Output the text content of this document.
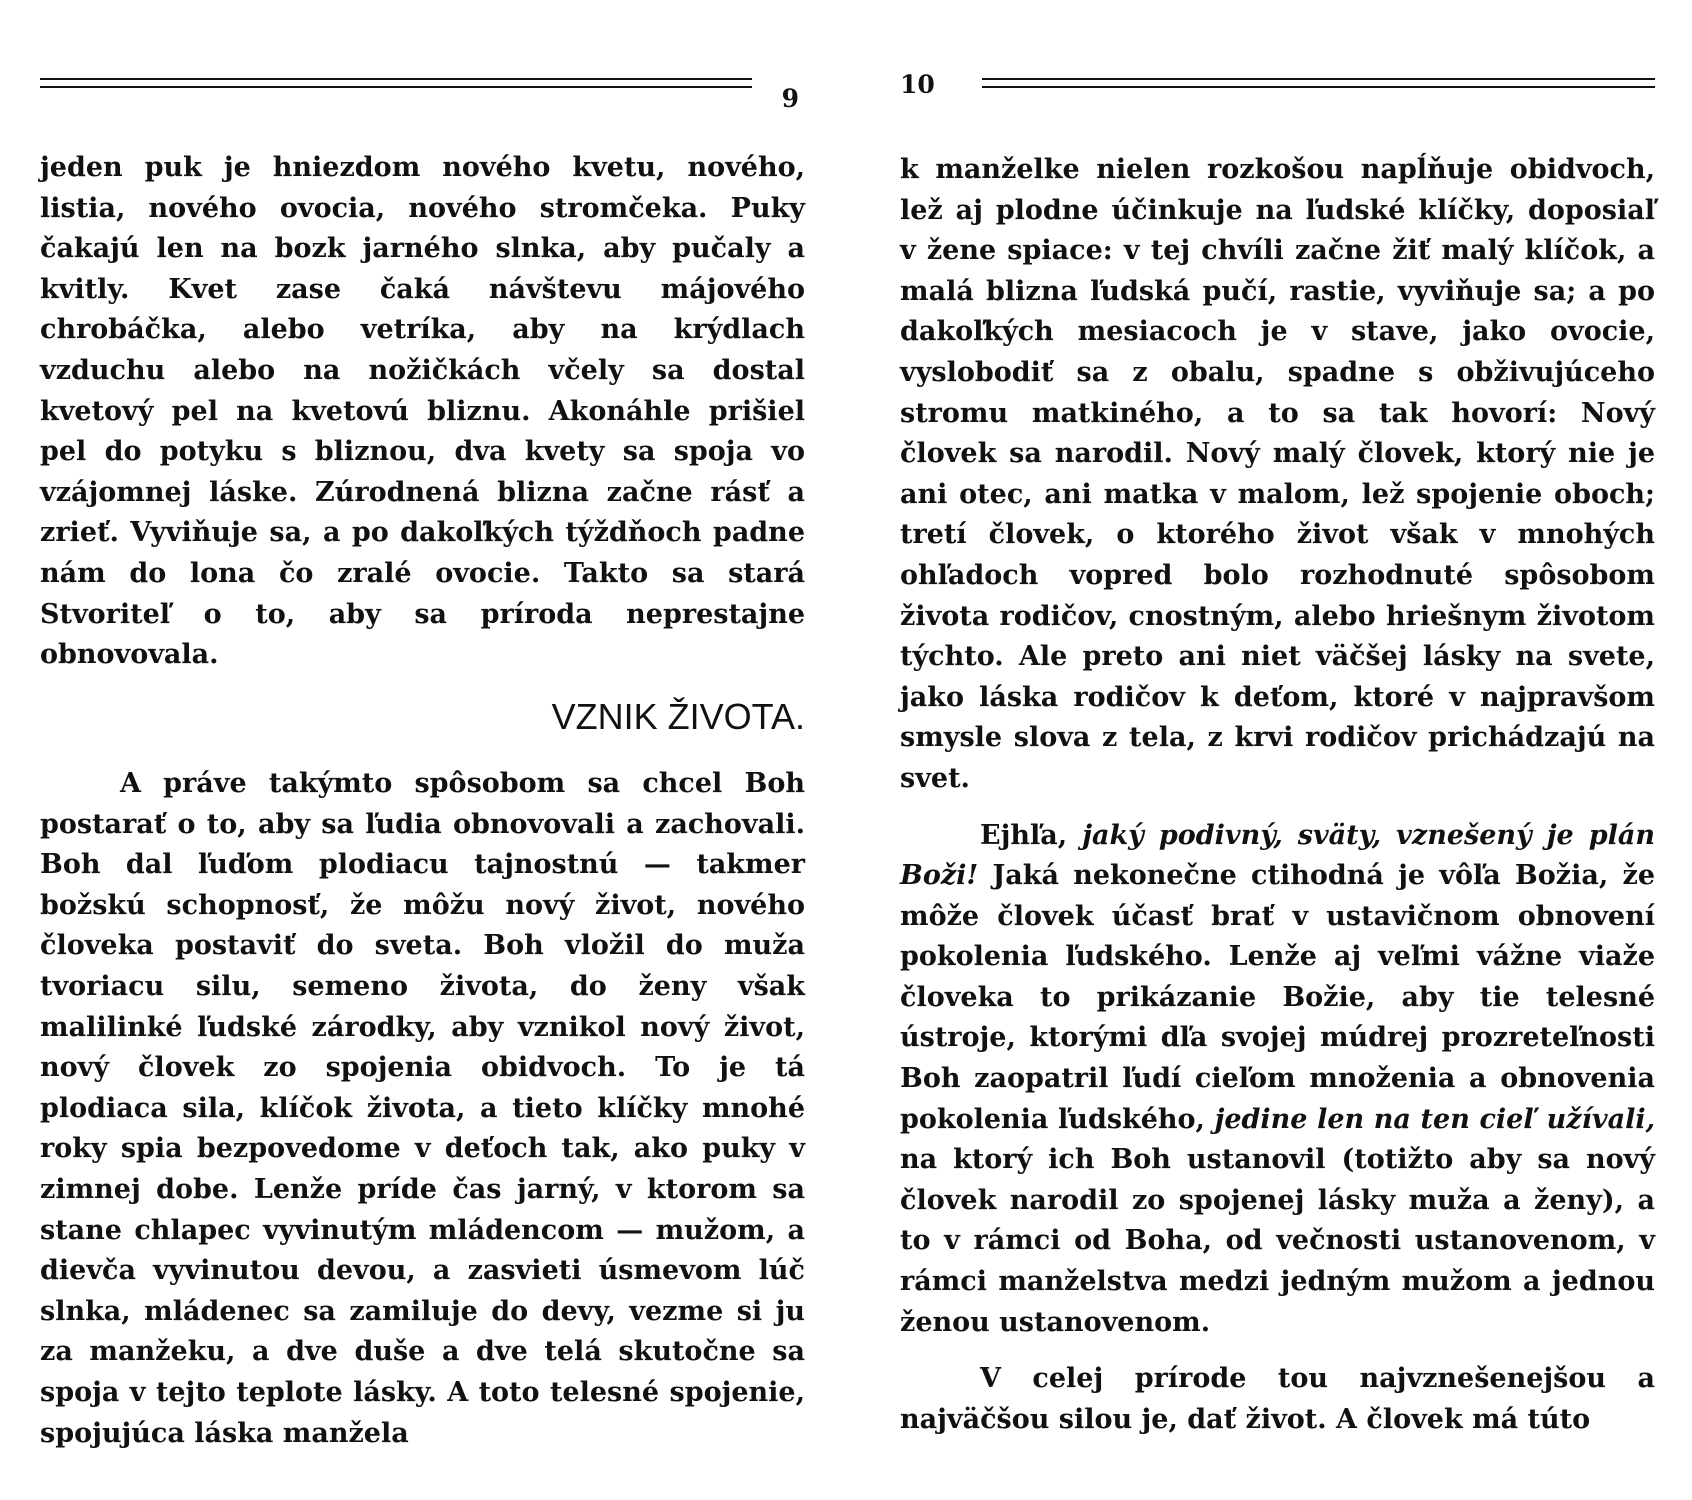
9

jeden puk je hniezdom nového kvetu, nového, listia, nového ovocia, nového stromčeka. Puky čakajú len na bozk jarného slnka, aby pučaly a kvitly. Kvet zase čaká návštevu májového chrobáčka, alebo vetríka, aby na krýdlach vzduchu alebo na nožičkách včely sa dostal kvetový pel na kvetovú bliznu. Akonáhle prišiel pel do potyku s bliznou, dva kvety sa spoja vo vzájomnej láske. Zúrodnená blizna začne rásť a zrieť. Vyviňuje sa, a po dakoľkých týždňoch padne nám do lona čo zralé ovocie. Takto sa stará Stvoriteľ o to, aby sa príroda neprestajne obnovovala.

VZNIK ŽIVOTA.

A práve takýmto spôsobom sa chcel Boh postarať o to, aby sa ľudia obnovovali a zachovali. Boh dal ľuďom plodiacu tajnostnú — takmer božskú schopnosť, že môžu nový život, nového človeka postaviť do sveta. Boh vložil do muža tvoriacu silu, semeno života, do ženy však malilinké ľudské zárodky, aby vznikol nový život, nový človek zo spojenia obidvoch. To je tá plodiaca sila, klíčok života, a tieto klíčky mnohé roky spia bezpovedome v deťoch tak, ako puky v zimnej dobe. Lenže príde čas jarný, v ktorom sa stane chlapec vyvinutým mládencom — mužom, a dievča vyvinutou devou, a zasvieti úsmevom lúč slnka, mládenec sa zamiluje do devy, vezme si ju za manžeku, a dve duše a dve telá skutočne sa spoja v tejto teplote lásky. A toto telesné spojenie, spojujúca láska manžela

10

k manželke nielen rozkošou napĺňuje obidvoch, lež aj plodne účinkuje na ľudské klíčky, doposiaľ v žene spiace: v tej chvíli začne žiť malý klíčok, a malá blizna ľudská pučí, rastie, vyviňuje sa; a po dakoľkých mesiacoch je v stave, jako ovocie, vyslobodiť sa z obalu, spadne s obživujúceho stromu matkiného, a to sa tak hovorí: Nový človek sa narodil. Nový malý človek, ktorý nie je ani otec, ani matka v malom, lež spojenie oboch; tretí človek, o ktorého život však v mnohých ohľadoch vopred bolo rozhodnuté spôsobom života rodičov, cnostným, alebo hriešnym životom týchto. Ale preto ani niet väčšej lásky na svete, jako láska rodičov k deťom, ktoré v najpravšom smysle slova z tela, z krvi rodičov prichádzajú na svet.

Ejhľa, jaký podivný, sväty, vznešený je plán Boži! Jaká nekonečne ctihodná je vôľa Božia, že môže človek účasť brať v ustavičnom obnovení pokolenia ľudského. Lenže aj veľmi vážne viaže človeka to prikázanie Božie, aby tie telesné ústroje, ktorými dľa svojej múdrej prozreteľnosti Boh zaopatril ľudí cieľom množenia a obnovenia pokolenia ľudského, jedine len na ten cieľ užívali, na ktorý ich Boh ustanovil (totižto aby sa nový človek narodil zo spojenej lásky muža a ženy), a to v rámci od Boha, od večnosti ustanovenom, v rámci manželstva medzi jedným mužom a jednou ženou ustanovenom.

V celej prírode tou najvznešenejšou a najväčšou silou je, dať život. A človek má túto
